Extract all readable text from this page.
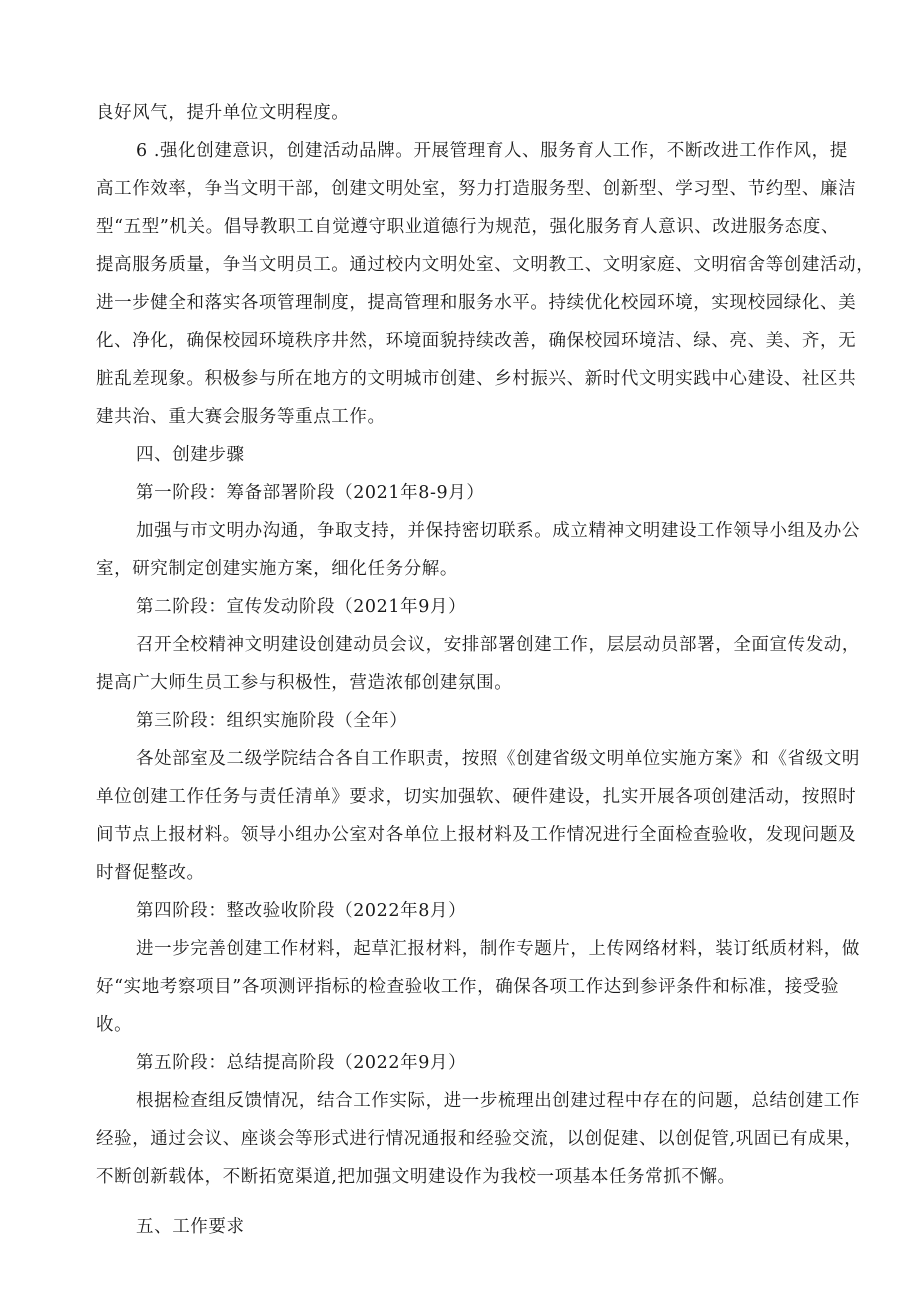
良好风气，提升单位文明程度。
6 .强化创建意识，创建活动品牌。开展管理育人、服务育人工作，不断改进工作作风，提
高工作效率，争当文明干部，创建文明处室，努力打造服务型、创新型、学习型、节约型、廉洁
型“五型”机关。倡导教职工自觉遵守职业道德行为规范，强化服务育人意识、改进服务态度、
提高服务质量，争当文明员工。通过校内文明处室、文明教工、文明家庭、文明宿舍等创建活动，
进一步健全和落实各项管理制度，提高管理和服务水平。持续优化校园环境，实现校园绿化、美
化、净化，确保校园环境秩序井然，环境面貌持续改善，确保校园环境洁、绿、亮、美、齐，无
脏乱差现象。积极参与所在地方的文明城市创建、乡村振兴、新时代文明实践中心建设、社区共
建共治、重大赛会服务等重点工作。
四、创建步骤
第一阶段：筹备部署阶段（2021年8-9月）
加强与市文明办沟通，争取支持，并保持密切联系。成立精神文明建设工作领导小组及办公
室，研究制定创建实施方案，细化任务分解。
第二阶段：宣传发动阶段（2021年9月）
召开全校精神文明建设创建动员会议，安排部署创建工作，层层动员部署，全面宣传发动，
提高广大师生员工参与积极性，营造浓郁创建氛围。
第三阶段：组织实施阶段（全年）
各处部室及二级学院结合各自工作职责，按照《创建省级文明单位实施方案》和《省级文明
单位创建工作任务与责任清单》要求，切实加强软、硬件建设，扎实开展各项创建活动，按照时
间节点上报材料。领导小组办公室对各单位上报材料及工作情况进行全面检查验收，发现问题及
时督促整改。
第四阶段：整改验收阶段（2022年8月）
进一步完善创建工作材料，起草汇报材料，制作专题片，上传网络材料，装订纸质材料，做
好“实地考察项目”各项测评指标的检查验收工作，确保各项工作达到参评条件和标准，接受验
收。
第五阶段：总结提高阶段（2022年9月）
根据检查组反馈情况，结合工作实际，进一步梳理出创建过程中存在的问题，总结创建工作
经验，通过会议、座谈会等形式进行情况通报和经验交流，以创促建、以创促管,巩固已有成果，
不断创新载体，不断拓宽渠道,把加强文明建设作为我校一项基本任务常抓不懈。
五、工作要求
